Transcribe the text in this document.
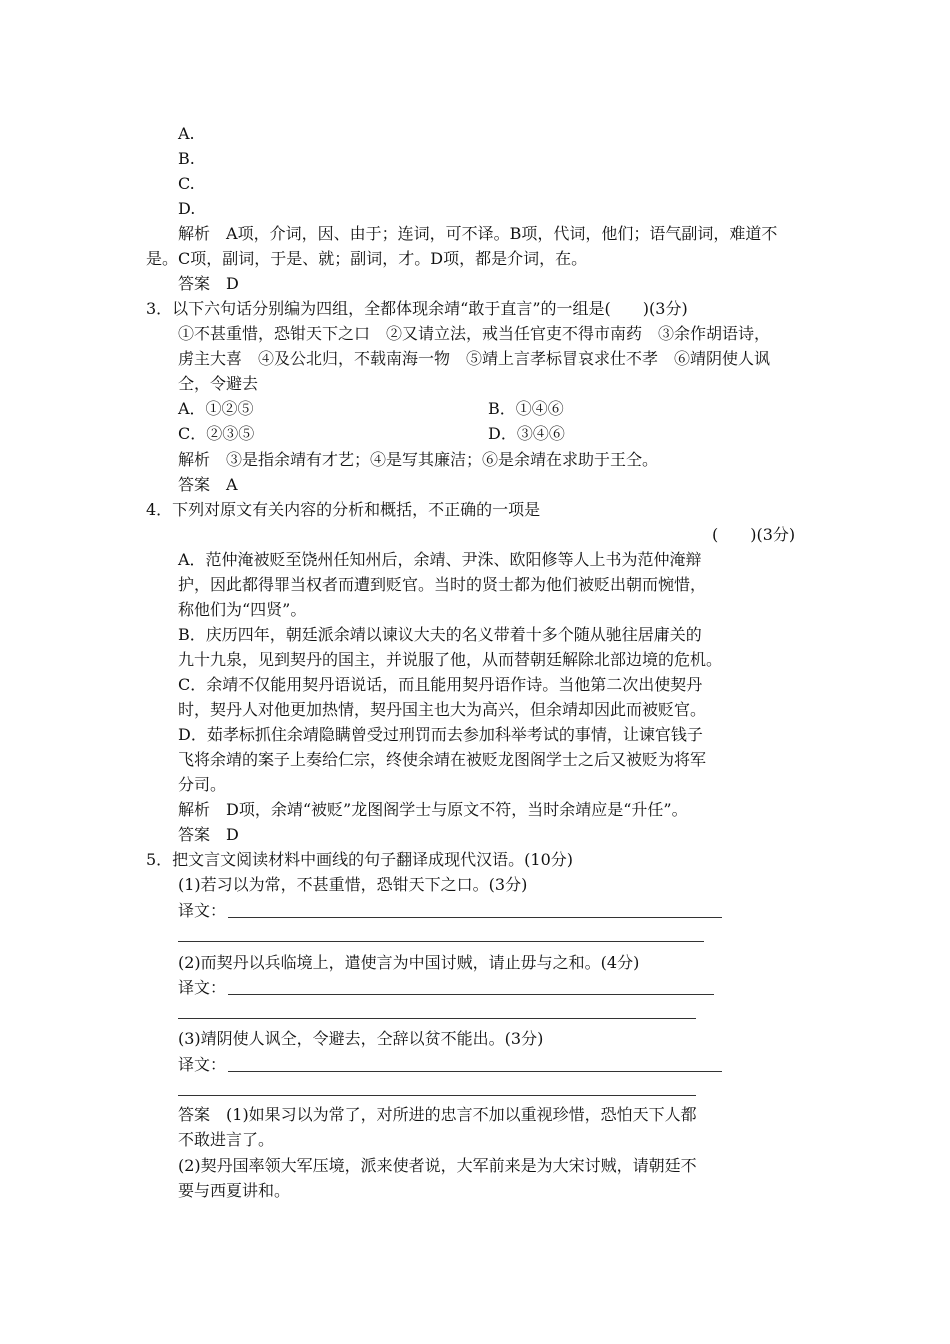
A.
B.
C.
D.
解析 A项，介词，因、由于；连词，可不译。B项，代词，他们；语气副词，难道不
是。C项，副词，于是、就；副词，才。D项，都是介词，在。
答案 D
3．以下六句话分别编为四组，全都体现余靖“敢于直言”的一组是(　　)(3分)
①不甚重惜，恐钳天下之口　②又请立法，戒当任官吏不得市南药　③余作胡语诗，
虏主大喜　④及公北归，不载南海一物　⑤靖上言孝标冒哀求仕不孝　⑥靖阴使人讽
仝，令避去
A．①②⑤	B．①④⑥
C．②③⑤	D．③④⑥
解析 ③是指余靖有才艺；④是写其廉洁；⑥是余靖在求助于王仝。
答案 A
4．下列对原文有关内容的分析和概括，不正确的一项是
(　　)(3分)
A．范仲淹被贬至饶州任知州后，余靖、尹洙、欧阳修等人上书为范仲淹辩
护，因此都得罪当权者而遭到贬官。当时的贤士都为他们被贬出朝而惋惜，
称他们为“四贤”。
B．庆历四年，朝廷派余靖以谏议大夫的名义带着十多个随从驰往居庸关的
九十九泉，见到契丹的国主，并说服了他，从而替朝廷解除北部边境的危机。
C．余靖不仅能用契丹语说话，而且能用契丹语作诗。当他第二次出使契丹
时，契丹人对他更加热情，契丹国主也大为高兴，但余靖却因此而被贬官。
D．茹孝标抓住余靖隐瞒曾受过刑罚而去参加科举考试的事情，让谏官钱子
飞将余靖的案子上奏给仁宗，终使余靖在被贬龙图阁学士之后又被贬为将军
分司。
解析 D项，余靖“被贬”龙图阁学士与原文不符，当时余靖应是“升任”。
答案 D
5．把文言文阅读材料中画线的句子翻译成现代汉语。(10分)
(1)若习以为常，不甚重惜，恐钳天下之口。(3分)
译文：
(2)而契丹以兵临境上，遣使言为中国讨贼，请止毋与之和。(4分)
译文：
(3)靖阴使人讽仝，令避去，仝辞以贫不能出。(3分)
译文：
答案 (1)如果习以为常了，对所进的忠言不加以重视珍惜，恐怕天下人都
不敢进言了。
(2)契丹国率领大军压境，派来使者说，大军前来是为大宋讨贼，请朝廷不
要与西夏讲和。
